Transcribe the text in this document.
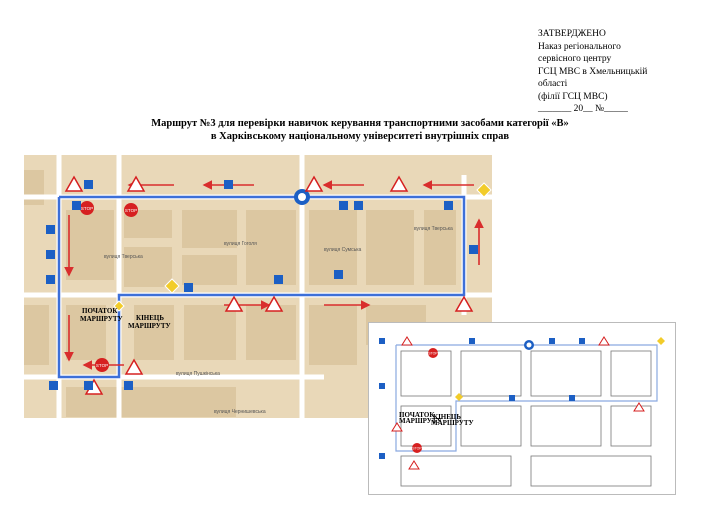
ЗАТВЕРДЖЕНО
Наказ регіонального
сервісного центру
ГСЦ МВС в Хмельницькій
області
(філії ГСЦ МВС)
_______ 20__ №_____
Маршрут №3 для перевірки навичок керування транспортними засобами категорії «В»
в Харківському національному університеті внутрішніх справ
вулиця Тверська
вулиця Тверська
вулиця Пушкінська
вулиця Чернишевська
вулиця Сумська
вулиця Гоголя
STOP	STOP
STOP
ПОЧАТОК
МАРШРУТУ КІНЕЦЬ
МАРШРУТУ
STOP
STOP
ПОЧАТОК
МАРШРУТУ
КІНЕЦЬ
МАРШРУТУ
